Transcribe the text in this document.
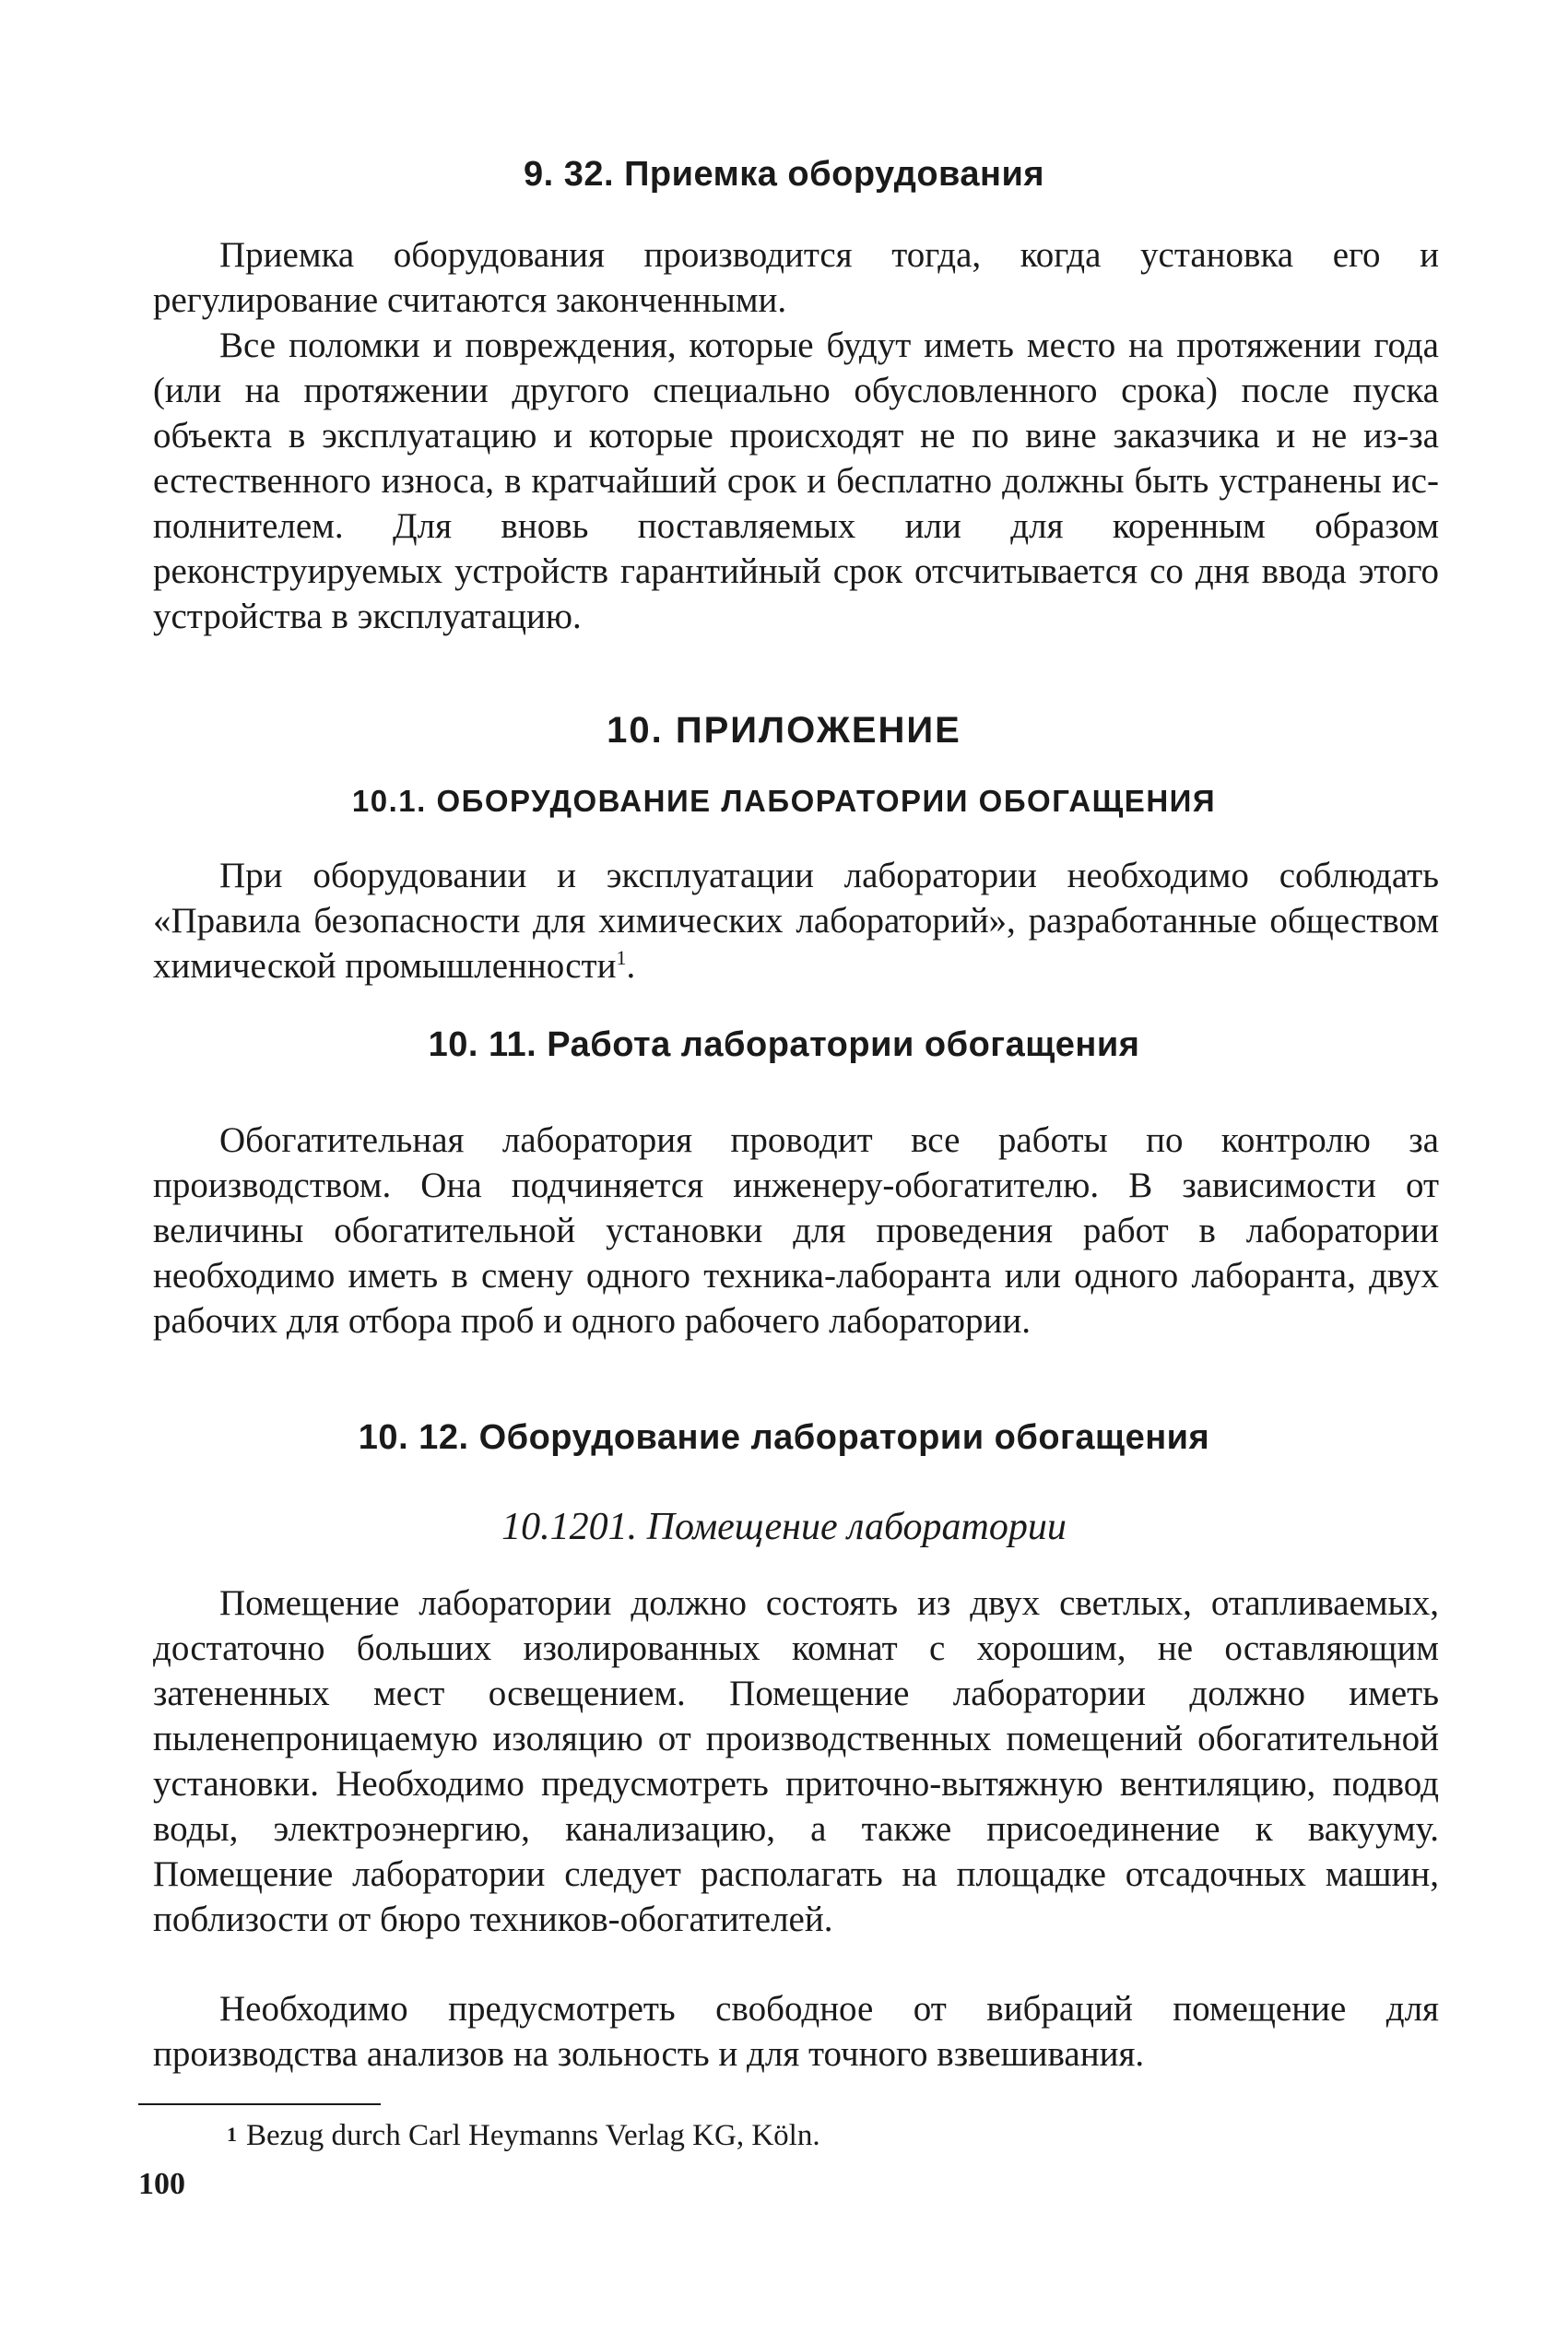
9. 32. Приемка оборудования

Приемка оборудования производится тогда, когда установка его и регулирование считаются законченными.

Все поломки и повреждения, которые будут иметь место на протяжении года (или на протяжении другого специально обусловленного срока) после пуска объекта в эксплуатацию и которые происходят не по вине заказчика и не из-за естественного износа, в кратчайший срок и бесплатно должны быть устранены исполнителем. Для вновь поставляемых или для коренным образом реконструируемых устройств гарантийный срок отсчитывается со дня ввода этого устройства в эксплуатацию.

10. ПРИЛОЖЕНИЕ
10.1. ОБОРУДОВАНИЕ ЛАБОРАТОРИИ ОБОГАЩЕНИЯ

При оборудовании и эксплуатации лаборатории необходимо соблюдать «Правила безопасности для химических лабораторий», разработанные обществом химической промышленности$^1$.

10. 11. Работа лаборатории обогащения

Обогатительная лаборатория проводит все работы по контролю за производством. Она подчиняется инженеру-обогатителю. В зависимости от величины обогатительной установки для проведения работ в лаборатории необходимо иметь в смену одного техника-лаборанта или одного лаборанта, двух рабочих для отбора проб и одного рабочего лаборатории.

10. 12. Оборудование лаборатории обогащения
10.1201. Помещение лаборатории

Помещение лаборатории должно состоять из двух светлых, отапливаемых, достаточно больших изолированных комнат с хорошим, не оставляющим затененных мест освещением. Помещение лаборатории должно иметь пыленепроницаемую изоляцию от производственных помещений обогатительной установки. Необходимо предусмотреть приточно-вытяжную вентиляцию, подвод воды, электроэнергию, канализацию, а также присоединение к вакууму. Помещение лаборатории следует располагать на площадке отсадочных машин, поблизости от бюро техников-обогатителей.

Необходимо предусмотреть свободное от вибраций помещение для производства анализов на зольность и для точного взвешивания.

$^1$ Bezug durch Carl Heymanns Verlag KG, Köln.

100
